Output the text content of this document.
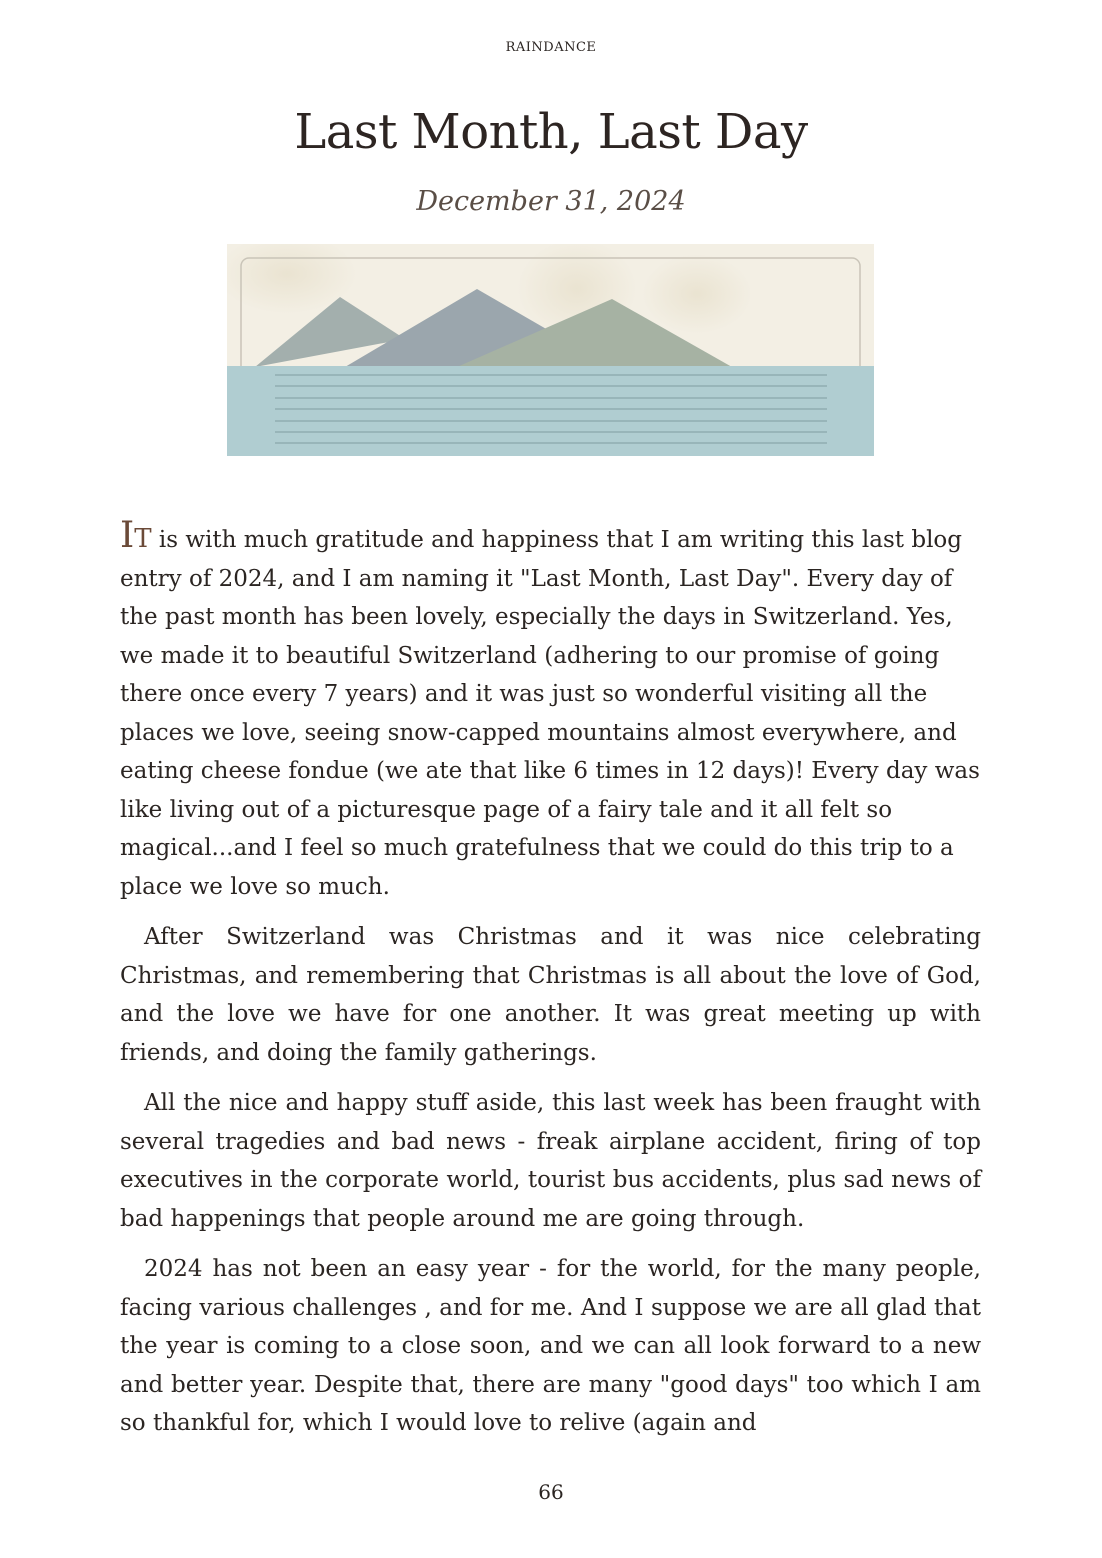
RAINDANCE
Last Month, Last Day
December 31, 2024

IT is with much gratitude and happiness that I am writing this last blog entry of 2024, and I am naming it "Last Month, Last Day". Every day of the past month has been lovely, especially the days in Switzerland. Yes, we made it to beautiful Switzerland (adhering to our promise of going there once every 7 years) and it was just so wonderful visiting all the places we love, seeing snow-capped mountains almost everywhere, and eating cheese fondue (we ate that like 6 times in 12 days)! Every day was like living out of a picturesque page of a fairy tale and it all felt so magical...and I feel so much gratefulness that we could do this trip to a place we love so much.

After Switzerland was Christmas and it was nice celebrating Christmas, and remembering that Christmas is all about the love of God, and the love we have for one another. It was great meeting up with friends, and doing the family gatherings.

All the nice and happy stuff aside, this last week has been fraught with several tragedies and bad news - freak airplane accident, firing of top executives in the corporate world, tourist bus accidents, plus sad news of bad happenings that people around me are going through.

2024 has not been an easy year - for the world, for the many people, facing various challenges , and for me. And I suppose we are all glad that the year is coming to a close soon, and we can all look forward to a new and better year. Despite that, there are many "good days" too which I am so thankful for, which I would love to relive (again and

66
